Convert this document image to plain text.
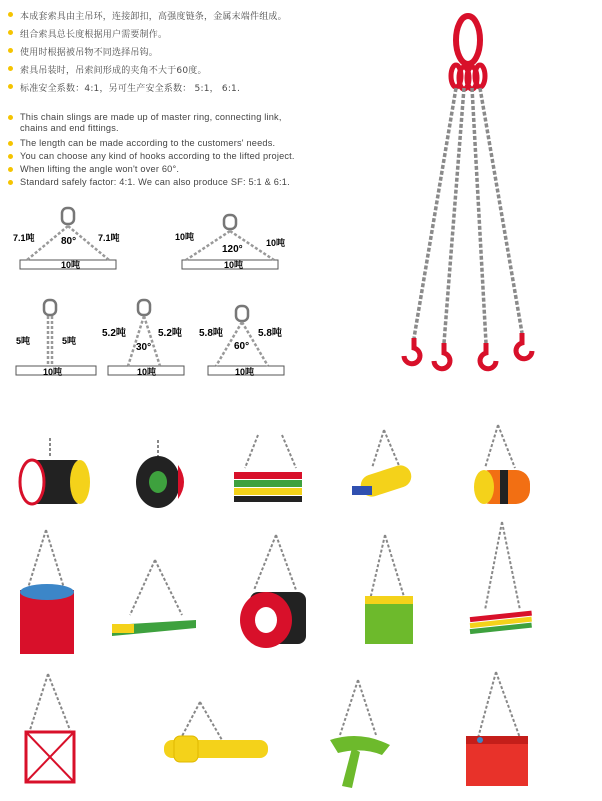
本成套索具由主吊环，连接卸扣，高强度链条，金属末端件组成。
组合索具总长度根据用户需要制作。
使用时根据被吊物不同选择吊钩。
索具吊装时，吊索间形成的夹角不大于60度。
标准安全系数：4:1，另可生产安全系数： 5:1， 6:1.
This chain slings are made up of master ring, connecting link, chains and end fittings.
The length can be made according to the customers' needs.
You can choose any kind of hooks according to the lifted project.
When lifting the angle won't over 60°.
Standard safely factor: 4:1. We can also produce SF: 5:1 & 6:1.
7.1吨	7.1吨
80°
10吨
10吨
10吨
120°
10吨
5吨	5吨
10吨
5.2吨	5.2吨
30°
10吨
5.8吨	5.8吨
60°
10吨
